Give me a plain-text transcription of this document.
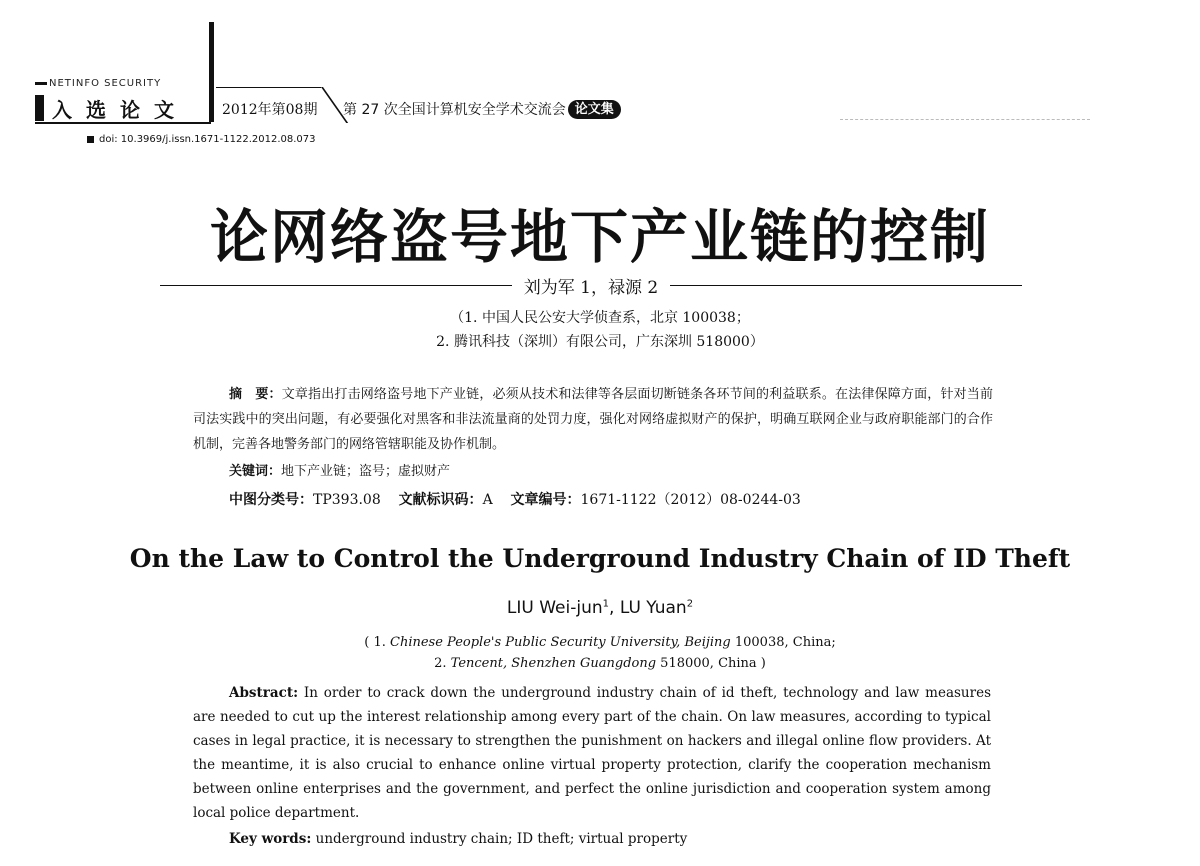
NETINFO SECURITY
入选论文 2012年第08期 第 27 次全国计算机安全学术交流会 论文集
doi: 10.3969/j.issn.1671-1122.2012.08.073
论网络盗号地下产业链的控制
刘为军 1，禄源 2
（1. 中国人民公安大学侦查系，北京 100038；
2. 腾讯科技（深圳）有限公司，广东深圳 518000）
摘　要：文章指出打击网络盗号地下产业链，必须从技术和法律等各层面切断链条各环节间的利益联系。在法律保障方面，针对当前司法实践中的突出问题，有必要强化对黑客和非法流量商的处罚力度，强化对网络虚拟财产的保护，明确互联网企业与政府职能部门的合作机制，完善各地警务部门的网络管辖职能及协作机制。
关键词：地下产业链；盗号；虚拟财产
中图分类号：TP393.08 文献标识码：A 文章编号：1671-1122（2012）08-0244-03
On the Law to Control the Underground Industry Chain of ID Theft
LIU Wei-jun$^1$, LU Yuan$^2$
( 1. Chinese People's Public Security University, Beijing 100038, China;
2. Tencent, Shenzhen Guangdong 518000, China )
Abstract: In order to crack down the underground industry chain of id theft, technology and law measures are needed to cut up the interest relationship among every part of the chain. On law measures, according to typical cases in legal practice, it is necessary to strengthen the punishment on hackers and illegal online flow providers. At the meantime, it is also crucial to enhance online virtual property protection, clarify the cooperation mechanism between online enterprises and the government, and perfect the online jurisdiction and cooperation system among local police department.
Key words: underground industry chain; ID theft; virtual property
